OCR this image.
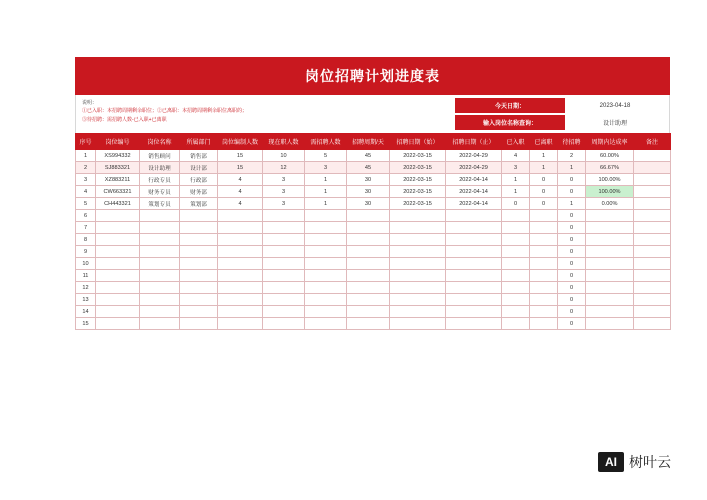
岗位招聘计划进度表
说明：
①已入职：本招聘周期剩余职位；②已离职：本招聘周期剩余职位离职的；
③待招聘：需招聘人数-已入职+已离职
今天日期：	2023-04-18
输入岗位名称查询：	设计助理
序号	岗位编号	岗位名称	所属部门	岗位编制人数	现在职人数	需招聘人数	招聘周期/天	招聘日期（始）	招聘日期（止）	已入职	已离职	待招聘	周期内达成率	备注
1	XS994332	销售顾问	销售部	15	10	5	45	2022-03-15	2022-04-29	4	1	2	60.00%	
2	SJ883321	设计助理	设计部	15	12	3	45	2022-03-15	2022-04-29	3	1	1	66.67%	
3	XZ883211	行政专员	行政部	4	3	1	30	2022-03-15	2022-04-14	1	0	0	100.00%	
4	CW663321	财务专员	财务部	4	3	1	30	2022-03-15	2022-04-14	1	0	0	100.00%	
5	CH443321	策划专员	策划部	4	3	1	30	2022-03-15	2022-04-14	0	0	1	0.00%	
6												0		
7												0		
8												0		
9												0		
10												0		
11												0		
12												0		
13												0		
14												0		
15												0		
AI 树叶云
